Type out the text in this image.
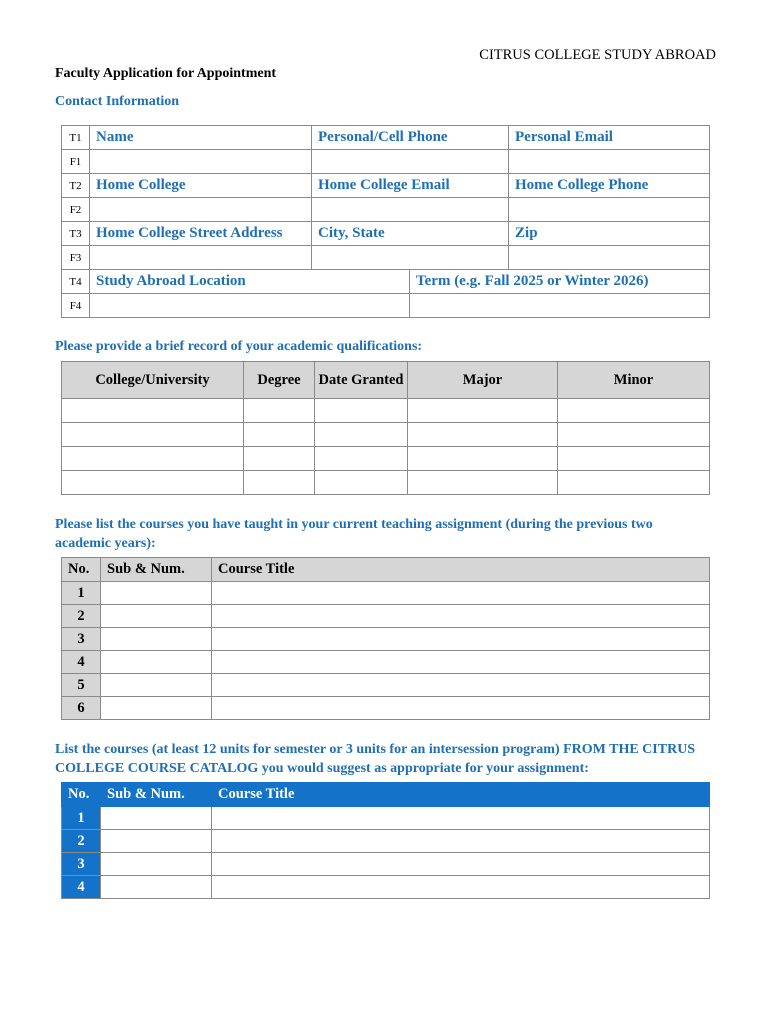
CITRUS COLLEGE STUDY ABROAD
Faculty Application for Appointment
Contact Information
T1	Name	Personal/Cell Phone		Personal Email
F1				
T2	Home College	Home College Email		Home College Phone
F2				
T3	Home College Street Address	City, State		Zip
F3				
T4	Study Abroad Location		Term (e.g. Fall 2025 or Winter 2026)	
F4				
Please provide a brief record of your academic qualifications:
College/University	Degree	Date Granted	Major	Minor

Please list the courses you have taught in your current teaching assignment (during the previous two academic years):
No.	Sub & Num.	Course Title
1		
2		
3		
4		
5		
6		
List the courses (at least 12 units for semester or 3 units for an intersession program) FROM THE CITRUS COLLEGE COURSE CATALOG you would suggest as appropriate for your assignment:
No.	Sub & Num.	Course Title
1		
2		
3		
4		
